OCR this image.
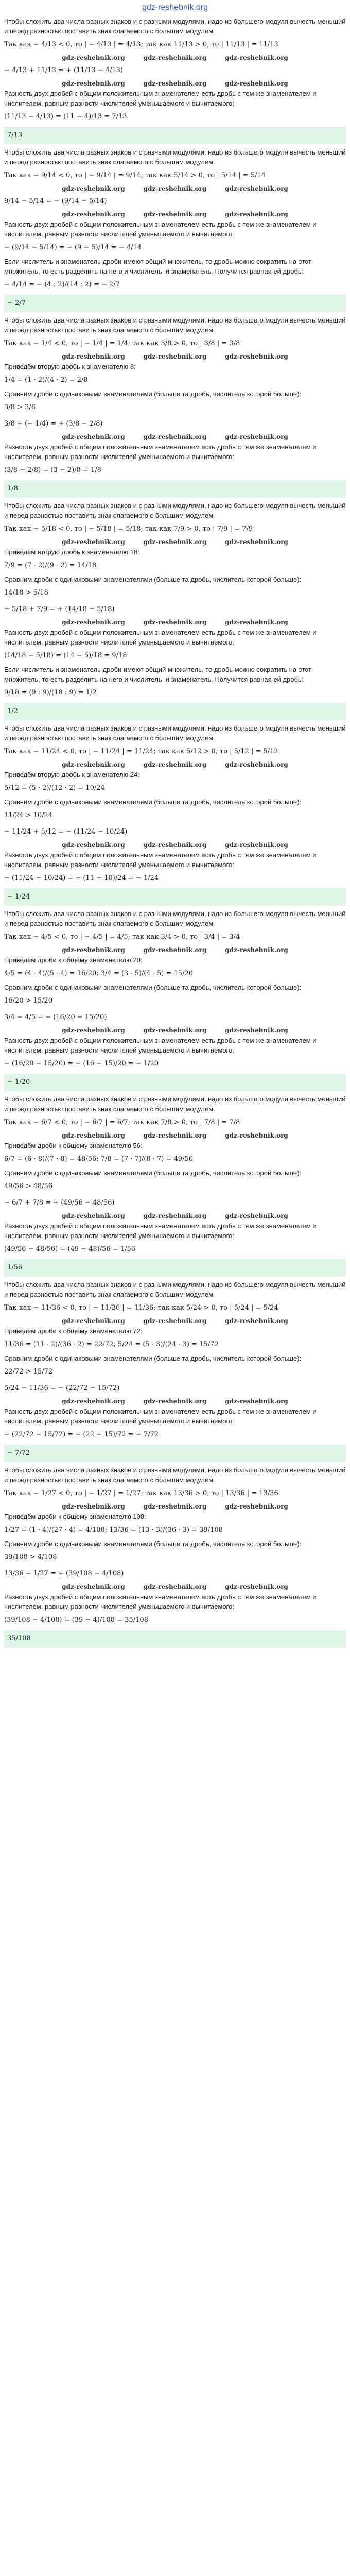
gdz-reshebnik.org
Чтобы сложить два числа разных знаков и с разными модулями, надо из большего модуля вычесть меньший и перед разностью поставить знак слагаемого с большим модулем.
Так как − 4/13 < 0, то | − 4/13 | = 4/13; так как 11/13 > 0, то | 11/13 | = 11/13
gdz-reshebnik.org	gdz-reshebnik.org	gdz-reshebnik.org
− 4/13 + 11/13 = + (11/13 − 4/13)
gdz-reshebnik.org	gdz-reshebnik.org	gdz-reshebnik.org
Разность двух дробей с общим положительным знаменателем есть дробь с тем же знаменателем и числителем, равным разности числителей уменьшаемого и вычитаемого:
(11/13 − 4/13) = (11 − 4)/13 = 7/13
7/13
Чтобы сложить два числа разных знаков и с разными модулями, надо из большего модуля вычесть меньший и перед разностью поставить знак слагаемого с большим модулем.
Так как − 9/14 < 0, то | − 9/14 | = 9/14; так как 5/14 > 0, то | 5/14 | = 5/14
gdz-reshebnik.org	gdz-reshebnik.org	gdz-reshebnik.org
9/14 − 5/14 = − (9/14 − 5/14)
gdz-reshebnik.org	gdz-reshebnik.org	gdz-reshebnik.org
Разность двух дробей с общим положительным знаменателем есть дробь с тем же знаменателем и числителем, равным разности числителей уменьшаемого и вычитаемого:
− (9/14 − 5/14) = − (9 − 5)/14 = − 4/14
Если числитель и знаменатель дроби имеют общий множитель, то дробь можно сократить на этот множитель, то есть разделить на него и числитель, и знаменатель. Получится равная ей дробь:
− 4/14 = − (4 : 2)/(14 : 2) = − 2/7
− 2/7
Чтобы сложить два числа разных знаков и с разными модулями, надо из большего модуля вычесть меньший и перед разностью поставить знак слагаемого с большим модулем.
Так как − 1/4 < 0, то | − 1/4 | = 1/4; так как 3/8 > 0, то | 3/8 | = 3/8
gdz-reshebnik.org	gdz-reshebnik.org	gdz-reshebnik.org
Приведём вторую дробь к знаменателю 8:
1/4 = (1 · 2)/(4 · 2) = 2/8
Сравним дроби с одинаковыми знаменателями (больше та дробь, числитель которой больше):
3/8 > 2/8
3/8 + (− 1/4) = + (3/8 − 2/8)
gdz-reshebnik.org	gdz-reshebnik.org	gdz-reshebnik.org
Разность двух дробей с общим положительным знаменателем есть дробь с тем же знаменателем и числителем, равным разности числителей уменьшаемого и вычитаемого:
(3/8 − 2/8) = (3 − 2)/8 = 1/8
1/8
Чтобы сложить два числа разных знаков и с разными модулями, надо из большего модуля вычесть меньший и перед разностью поставить знак слагаемого с большим модулем.
Так как − 5/18 < 0, то | − 5/18 | = 5/18; так как 7/9 > 0, то | 7/9 | = 7/9
gdz-reshebnik.org	gdz-reshebnik.org	gdz-reshebnik.org
Приведём вторую дробь к знаменателю 18:
7/9 = (7 · 2)/(9 · 2) = 14/18
Сравним дроби с одинаковыми знаменателями (больше та дробь, числитель которой больше):
14/18 > 5/18
− 5/18 + 7/9 = + (14/18 − 5/18)
gdz-reshebnik.org	gdz-reshebnik.org	gdz-reshebnik.org
Разность двух дробей с общим положительным знаменателем есть дробь с тем же знаменателем и числителем, равным разности числителей уменьшаемого и вычитаемого:
(14/18 − 5/18) = (14 − 5)/18 = 9/18
Если числитель и знаменатель дроби имеют общий множитель, то дробь можно сократить на этот множитель, то есть разделить на него и числитель, и знаменатель. Получится равная ей дробь:
9/18 = (9 : 9)/(18 : 9) = 1/2
1/2
Чтобы сложить два числа разных знаков и с разными модулями, надо из большего модуля вычесть меньший и перед разностью поставить знак слагаемого с большим модулем.
Так как − 11/24 < 0, то | − 11/24 | = 11/24; так как 5/12 > 0, то | 5/12 | = 5/12
gdz-reshebnik.org	gdz-reshebnik.org	gdz-reshebnik.org
Приведём вторую дробь к знаменателю 24:
5/12 = (5 · 2)/(12 · 2) = 10/24
Сравним дроби с одинаковыми знаменателями (больше та дробь, числитель которой больше):
11/24 > 10/24
− 11/24 + 5/12 = − (11/24 − 10/24)
gdz-reshebnik.org	gdz-reshebnik.org	gdz-reshebnik.org
Разность двух дробей с общим положительным знаменателем есть дробь с тем же знаменателем и числителем, равным разности числителей уменьшаемого и вычитаемого:
− (11/24 − 10/24) = − (11 − 10)/24 = − 1/24
− 1/24
Чтобы сложить два числа разных знаков и с разными модулями, надо из большего модуля вычесть меньший и перед разностью поставить знак слагаемого с большим модулем.
Так как − 4/5 < 0, то | − 4/5 | = 4/5; так как 3/4 > 0, то | 3/4 | = 3/4
gdz-reshebnik.org	gdz-reshebnik.org	gdz-reshebnik.org
Приведём дроби к общему знаменателю 20:
4/5 = (4 · 4)/(5 · 4) = 16/20; 3/4 = (3 · 5)/(4 · 5) = 15/20
Сравним дроби с одинаковыми знаменателями (больше та дробь, числитель которой больше):
16/20 > 15/20
3/4 − 4/5 = − (16/20 − 15/20)
gdz-reshebnik.org	gdz-reshebnik.org	gdz-reshebnik.org
Разность двух дробей с общим положительным знаменателем есть дробь с тем же знаменателем и числителем, равным разности числителей уменьшаемого и вычитаемого:
− (16/20 − 15/20) = − (16 − 15)/20 = − 1/20
− 1/20
Чтобы сложить два числа разных знаков и с разными модулями, надо из большего модуля вычесть меньший и перед разностью поставить знак слагаемого с большим модулем.
Так как − 6/7 < 0, то | − 6/7 | = 6/7; так как 7/8 > 0, то | 7/8 | = 7/8
gdz-reshebnik.org	gdz-reshebnik.org	gdz-reshebnik.org
Приведём дроби к общему знаменателю 56:
6/7 = (6 · 8)/(7 · 8) = 48/56; 7/8 = (7 · 7)/(8 · 7) = 49/56
Сравним дроби с одинаковыми знаменателями (больше та дробь, числитель которой больше):
49/56 > 48/56
− 6/7 + 7/8 = + (49/56 − 48/56)
gdz-reshebnik.org	gdz-reshebnik.org	gdz-reshebnik.org
Разность двух дробей с общим положительным знаменателем есть дробь с тем же знаменателем и числителем, равным разности числителей уменьшаемого и вычитаемого:
(49/56 − 48/56) = (49 − 48)/56 = 1/56
1/56
Чтобы сложить два числа разных знаков и с разными модулями, надо из большего модуля вычесть меньший и перед разностью поставить знак слагаемого с большим модулем.
Так как − 11/36 < 0, то | − 11/36 | = 11/36; так как 5/24 > 0, то | 5/24 | = 5/24
gdz-reshebnik.org	gdz-reshebnik.org	gdz-reshebnik.org
Приведём дроби к общему знаменателю 72:
11/36 = (11 · 2)/(36 · 2) = 22/72; 5/24 = (5 · 3)/(24 · 3) = 15/72
Сравним дроби с одинаковыми знаменателями (больше та дробь, числитель которой больше):
22/72 > 15/72
5/24 − 11/36 = − (22/72 − 15/72)
gdz-reshebnik.org	gdz-reshebnik.org	gdz-reshebnik.org
Разность двух дробей с общим положительным знаменателем есть дробь с тем же знаменателем и числителем, равным разности числителей уменьшаемого и вычитаемого:
− (22/72 − 15/72) = − (22 − 15)/72 = − 7/72
− 7/72
Чтобы сложить два числа разных знаков и с разными модулями, надо из большего модуля вычесть меньший и перед разностью поставить знак слагаемого с большим модулем.
Так как − 1/27 < 0, то | − 1/27 | = 1/27; так как 13/36 > 0, то | 13/36 | = 13/36
gdz-reshebnik.org	gdz-reshebnik.org	gdz-reshebnik.org
Приведём дроби к общему знаменателю 108:
1/27 = (1 · 4)/(27 · 4) = 4/108; 13/36 = (13 · 3)/(36 · 3) = 39/108
Сравним дроби с одинаковыми знаменателями (больше та дробь, числитель которой больше):
39/108 > 4/108
13/36 − 1/27 = + (39/108 − 4/108)
gdz-reshebnik.org	gdz-reshebnik.org	gdz-reshebnik.org
Разность двух дробей с общим положительным знаменателем есть дробь с тем же знаменателем и числителем, равным разности числителей уменьшаемого и вычитаемого:
(39/108 − 4/108) = (39 − 4)/108 = 35/108
35/108
